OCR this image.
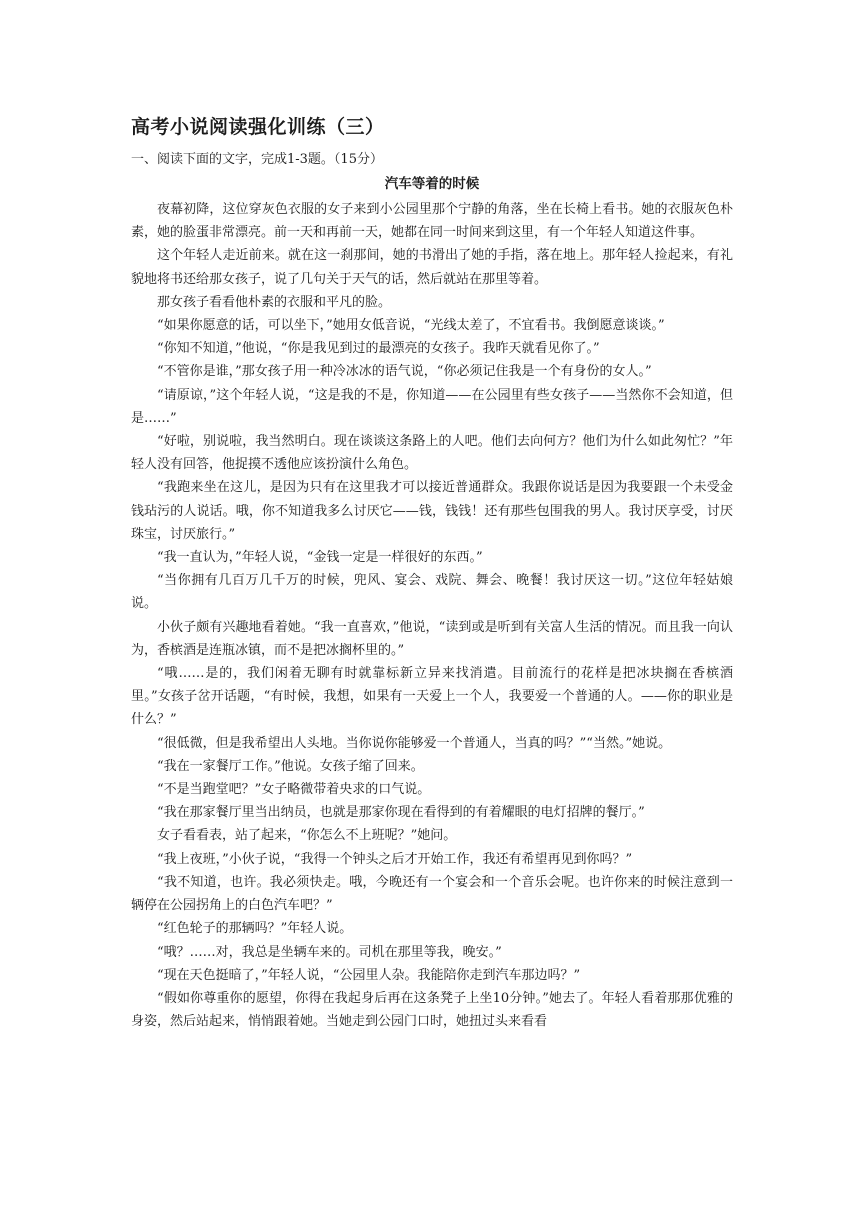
高考小说阅读强化训练（三）
一、阅读下面的文字，完成1-3题。（15分）
汽车等着的时候

夜幕初降，这位穿灰色衣服的女子来到小公园里那个宁静的角落，坐在长椅上看书。她的衣服灰色朴素，她的脸蛋非常漂亮。前一天和再前一天，她都在同一时间来到这里，有一个年轻人知道这件事。

这个年轻人走近前来。就在这一刹那间，她的书滑出了她的手指，落在地上。那年轻人捡起来，有礼貌地将书还给那女孩子，说了几句关于天气的话，然后就站在那里等着。

那女孩子看看他朴素的衣服和平凡的脸。

“如果你愿意的话，可以坐下，”她用女低音说，“光线太差了，不宜看书。我倒愿意谈谈。”

“你知不知道，”他说，“你是我见到过的最漂亮的女孩子。我昨天就看见你了。”

“不管你是谁，”那女孩子用一种冷冰冰的语气说，“你必须记住我是一个有身份的女人。”

“请原谅，”这个年轻人说，“这是我的不是，你知道——在公园里有些女孩子——当然你不会知道，但是……”

“好啦，别说啦，我当然明白。现在谈谈这条路上的人吧。他们去向何方？他们为什么如此匆忙？”年轻人没有回答，他捉摸不透他应该扮演什么角色。

“我跑来坐在这儿，是因为只有在这里我才可以接近普通群众。我跟你说话是因为我要跟一个未受金钱玷污的人说话。哦，你不知道我多么讨厌它——钱，钱钱！还有那些包围我的男人。我讨厌享受，讨厌珠宝，讨厌旅行。”

“我一直认为，”年轻人说，“金钱一定是一样很好的东西。”

“当你拥有几百万几千万的时候，兜风、宴会、戏院、舞会、晚餐！我讨厌这一切。”这位年轻姑娘说。

小伙子颇有兴趣地看着她。“我一直喜欢，”他说，“读到或是听到有关富人生活的情况。而且我一向认为，香槟酒是连瓶冰镇，而不是把冰搁杯里的。”

“哦……是的，我们闲着无聊有时就靠标新立异来找消遣。目前流行的花样是把冰块搁在香槟酒里。”女孩子岔开话题，“有时候，我想，如果有一天爱上一个人，我要爱一个普通的人。——你的职业是什么？”

“很低微，但是我希望出人头地。当你说你能够爱一个普通人，当真的吗？”“当然。”她说。

“我在一家餐厅工作。”他说。女孩子缩了回来。

“不是当跑堂吧？”女子略微带着央求的口气说。

“我在那家餐厅里当出纳员，也就是那家你现在看得到的有着耀眼的电灯招牌的餐厅。”

女子看看表，站了起来，“你怎么不上班呢？”她问。

“我上夜班，”小伙子说，“我得一个钟头之后才开始工作，我还有希望再见到你吗？”

“我不知道，也许。我必须快走。哦，今晚还有一个宴会和一个音乐会呢。也许你来的时候注意到一辆停在公园拐角上的白色汽车吧？”

“红色轮子的那辆吗？”年轻人说。

“哦？……对，我总是坐辆车来的。司机在那里等我，晚安。”

“现在天色挺暗了，”年轻人说，“公园里人杂。我能陪你走到汽车那边吗？”

“假如你尊重你的愿望，你得在我起身后再在这条凳子上坐10分钟。”她去了。年轻人看着那那优雅的身姿，然后站起来，悄悄跟着她。当她走到公园门口时，她扭过头来看看
